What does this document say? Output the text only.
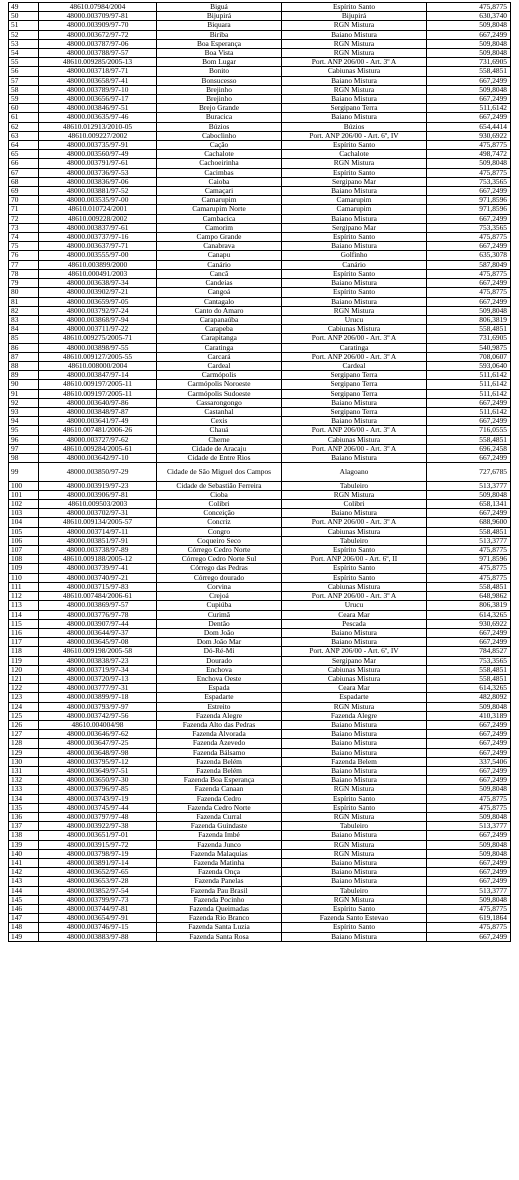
49	48610.07984/2004	Biguá	Espírito Santo	475,8775
50	48000.003709/97-81	Bijupirá	Bijupirá	630,3740
51	48000.003909/97-70	Biquara	RGN Mistura	509,8048
52	48000.003672/97-72	Biriba	Baiano Mistura	667,2499
53	48000.003787/97-06	Boa Esperança	RGN Mistura	509,8048
54	48000.003788/97-57	Boa Vista	RGN Mistura	509,8048
55	48610.009285/2005-13	Bom Lugar	Port. ANP 206/00 - Art. 3º A	731,6905
56	48000.003718/97-71	Bonito	Cabiunas Mistura	558,4851
57	48000.003658/97-41	Bonsucesso	Baiano Mistura	667,2499
58	48000.003789/97-10	Brejinho	RGN Mistura	509,8048
59	48000.003656/97-17	Brejinho	Baiano Mistura	667,2499
60	48000.003846/97-51	Brejo Grande	Sergipano Terra	511,6142
61	48000.003635/97-46	Buracica	Baiano Mistura	667,2499
62	48610.012913/2010-05	Búzios	Búzios	654,4414
63	48610.009227/2002	Caboclinho	Port. ANP 206/00 - Art. 6º, IV	930,6922
64	48000.003735/97-91	Cação	Espírito Santo	475,8775
65	48000.003560/97-49	Cachalote	Cachalote	498,7472
66	48000.003791/97-61	Cachoeirinha	RGN Mistura	509,8048
67	48000.003736/97-53	Cacimbas	Espírito Santo	475,8775
68	48000.003836/97-06	Caioba	Sergipano Mar	753,3565
69	48000.003881/97-52	Camaçari	Baiano Mistura	667,2499
70	48000.003535/97-00	Camarupim	Camarupim	971,8596
71	48610.010724/2001	Camarupim Norte	Camarupim	971,8596
72	48610.009228/2002	Cambacica	Baiano Mistura	667,2499
73	48000.003837/97-61	Camorim	Sergipano Mar	753,3565
74	48000.003737/97-16	Campo Grande	Espírito Santo	475,8775
75	48000.003637/97-71	Canabrava	Baiano Mistura	667,2499
76	48000.003555/97-00	Canapu	Golfinho	635,3078
77	48610.003899/2000	Canário	Canário	587,8049
78	48610.000491/2003	Cancã	Espírito Santo	475,8775
79	48000.003638/97-34	Candeias	Baiano Mistura	667,2499
80	48000.003902/97-21	Cangoá	Espírito Santo	475,8775
81	48000.003659/97-05	Cantagalo	Baiano Mistura	667,2499
82	48000.003792/97-24	Canto do Amaro	RGN Mistura	509,8048
83	48000.003868/97-94	Carapanaúba	Urucu	806,3819
84	48000.003711/97-22	Carapeba	Cabiunas Mistura	558,4851
85	48610.009275/2005-71	Carapitanga	Port. ANP 206/00 - Art. 3º A	731,6905
86	48000.003898/97-55	Caratinga	Caratinga	540,9875
87	48610.009127/2005-55	Carcará	Port. ANP 206/00 - Art. 3º A	708,0607
88	48610.008000/2004	Cardeal	Cardeal	593,0640
89	48000.003847/97-14	Carmópolis	Sergipano Terra	511,6142
90	48610.009197/2005-11	Carmópolis Noroeste	Sergipano Terra	511,6142
91	48610.009197/2005-11	Carmópolis Sudoeste	Sergipano Terra	511,6142
92	48000.003640/97-86	Cassarongongo	Baiano Mistura	667,2499
93	48000.003848/97-87	Castanhal	Sergipano Terra	511,6142
94	48000.003641/97-49	Cexis	Baiano Mistura	667,2499
95	48610.007481/2006-26	Chauá	Port. ANP 206/00 - Art. 3º A	716,0555
96	48000.003727/97-62	Cherne	Cabiunas Mistura	558,4851
97	48610.009284/2005-61	Cidade de Aracaju	Port. ANP 206/00 - Art. 3º A	696,2458
98	48000.003642/97-10	Cidade de Entre Rios	Baiano Mistura	667,2499
99	48000.003850/97-29	Cidade de São Miguel dos Campos	Alagoano	727,6785
100	48000.003919/97-23	Cidade de Sebastião Ferreira	Tabuleiro	513,3777
101	48000.003906/97-81	Cioba	RGN Mistura	509,8048
102	48610.009503/2003	Colibri	Colibri	658,1341
103	48000.003702/97-31	Conceição	Baiano Mistura	667,2499
104	48610.009134/2005-57	Concriz	Port. ANP 206/00 - Art. 3º A	688,9600
105	48000.003714/97-11	Congro	Cabiunas Mistura	558,4851
106	48000.003851/97-91	Coqueiro Seco	Tabuleiro	513,3777
107	48000.003738/97-89	Córrego Cedro Norte	Espírito Santo	475,8775
108	48610.009188/2005-12	Córrego Cedro Norte Sul	Port. ANP 206/00 - Art. 6º, II	971,8596
109	48000.003739/97-41	Córrego das Pedras	Espírito Santo	475,8775
110	48000.003740/97-21	Córrego dourado	Espírito Santo	475,8775
111	48000.003715/97-83	Corvina	Cabiunas Mistura	558,4851
112	48610.007484/2006-61	Crejoá	Port. ANP 206/00 - Art. 3º A	648,9862
113	48000.003869/97-57	Cupiúba	Urucu	806,3819
114	48000.003776/97-78	Curimã	Ceara Mar	614,3265
115	48000.003907/97-44	Dentão	Pescada	930,6922
116	48000.003644/97-37	Dom João	Baiano Mistura	667,2499
117	48000.003645/97-08	Dom João Mar	Baiano Mistura	667,2499
118	48610.009198/2005-58	Dó-Ré-Mi	Port. ANP 206/00 - Art. 6º, IV	784,8527
119	48000.003838/97-23	Dourado	Sergipano Mar	753,3565
120	48000.003719/97-34	Enchova	Cabiunas Mistura	558,4851
121	48000.003720/97-13	Enchova Oeste	Cabiunas Mistura	558,4851
122	48000.003777/97-31	Espada	Ceara Mar	614,3265
123	48000.003899/97-18	Espadarte	Espadarte	482,8092
124	48000.003793/97-97	Estreito	RGN Mistura	509,8048
125	48000.003742/97-56	Fazenda Alegre	Fazenda Alegre	410,3189
126	48610.004004/98	Fazenda Alto das Pedras	Baiano Mistura	667,2499
127	48000.003646/97-62	Fazenda Alvorada	Baiano Mistura	667,2499
128	48000.003647/97-25	Fazenda Azevedo	Baiano Mistura	667,2499
129	48000.003648/97-98	Fazenda Bálsamo	Baiano Mistura	667,2499
130	48000.003795/97-12	Fazenda Belém	Fazenda Belem	337,5406
131	48000.003649/97-51	Fazenda Belém	Baiano Mistura	667,2499
132	48000.003650/97-30	Fazenda Boa Esperança	Baiano Mistura	667,2499
133	48000.003796/97-85	Fazenda Canaan	RGN Mistura	509,8048
134	48000.003743/97-19	Fazenda Cedro	Espírito Santo	475,8775
135	48000.003745/97-44	Fazenda Cedro Norte	Espírito Santo	475,8775
136	48000.003797/97-48	Fazenda Curral	RGN Mistura	509,8048
137	48000.003922/97-38	Fazenda Guindaste	Tabuleiro	513,3777
138	48000.003651/97-01	Fazenda Imbé	Baiano Mistura	667,2499
139	48000.003915/97-72	Fazenda Junco	RGN Mistura	509,8048
140	48000.003798/97-19	Fazenda Malaquias	RGN Mistura	509,8048
141	48000.003891/97-14	Fazenda Matinha	Baiano Mistura	667,2499
142	48000.003652/97-65	Fazenda Onça	Baiano Mistura	667,2499
143	48000.003653/97-28	Fazenda Panelas	Baiano Mistura	667,2499
144	48000.003852/97-54	Fazenda Pau Brasil	Tabuleiro	513,3777
145	48000.003799/97-73	Fazenda Pocinho	RGN Mistura	509,8048
146	48000.003744/97-81	Fazenda Queimadas	Espírito Santo	475,8775
147	48000.003654/97-91	Fazenda Rio Branco	Fazenda Santo Estevao	619,1864
148	48000.003746/97-15	Fazenda Santa Luzia	Espírito Santo	475,8775
149	48000.003883/97-88	Fazenda Santa Rosa	Baiano Mistura	667,2499
